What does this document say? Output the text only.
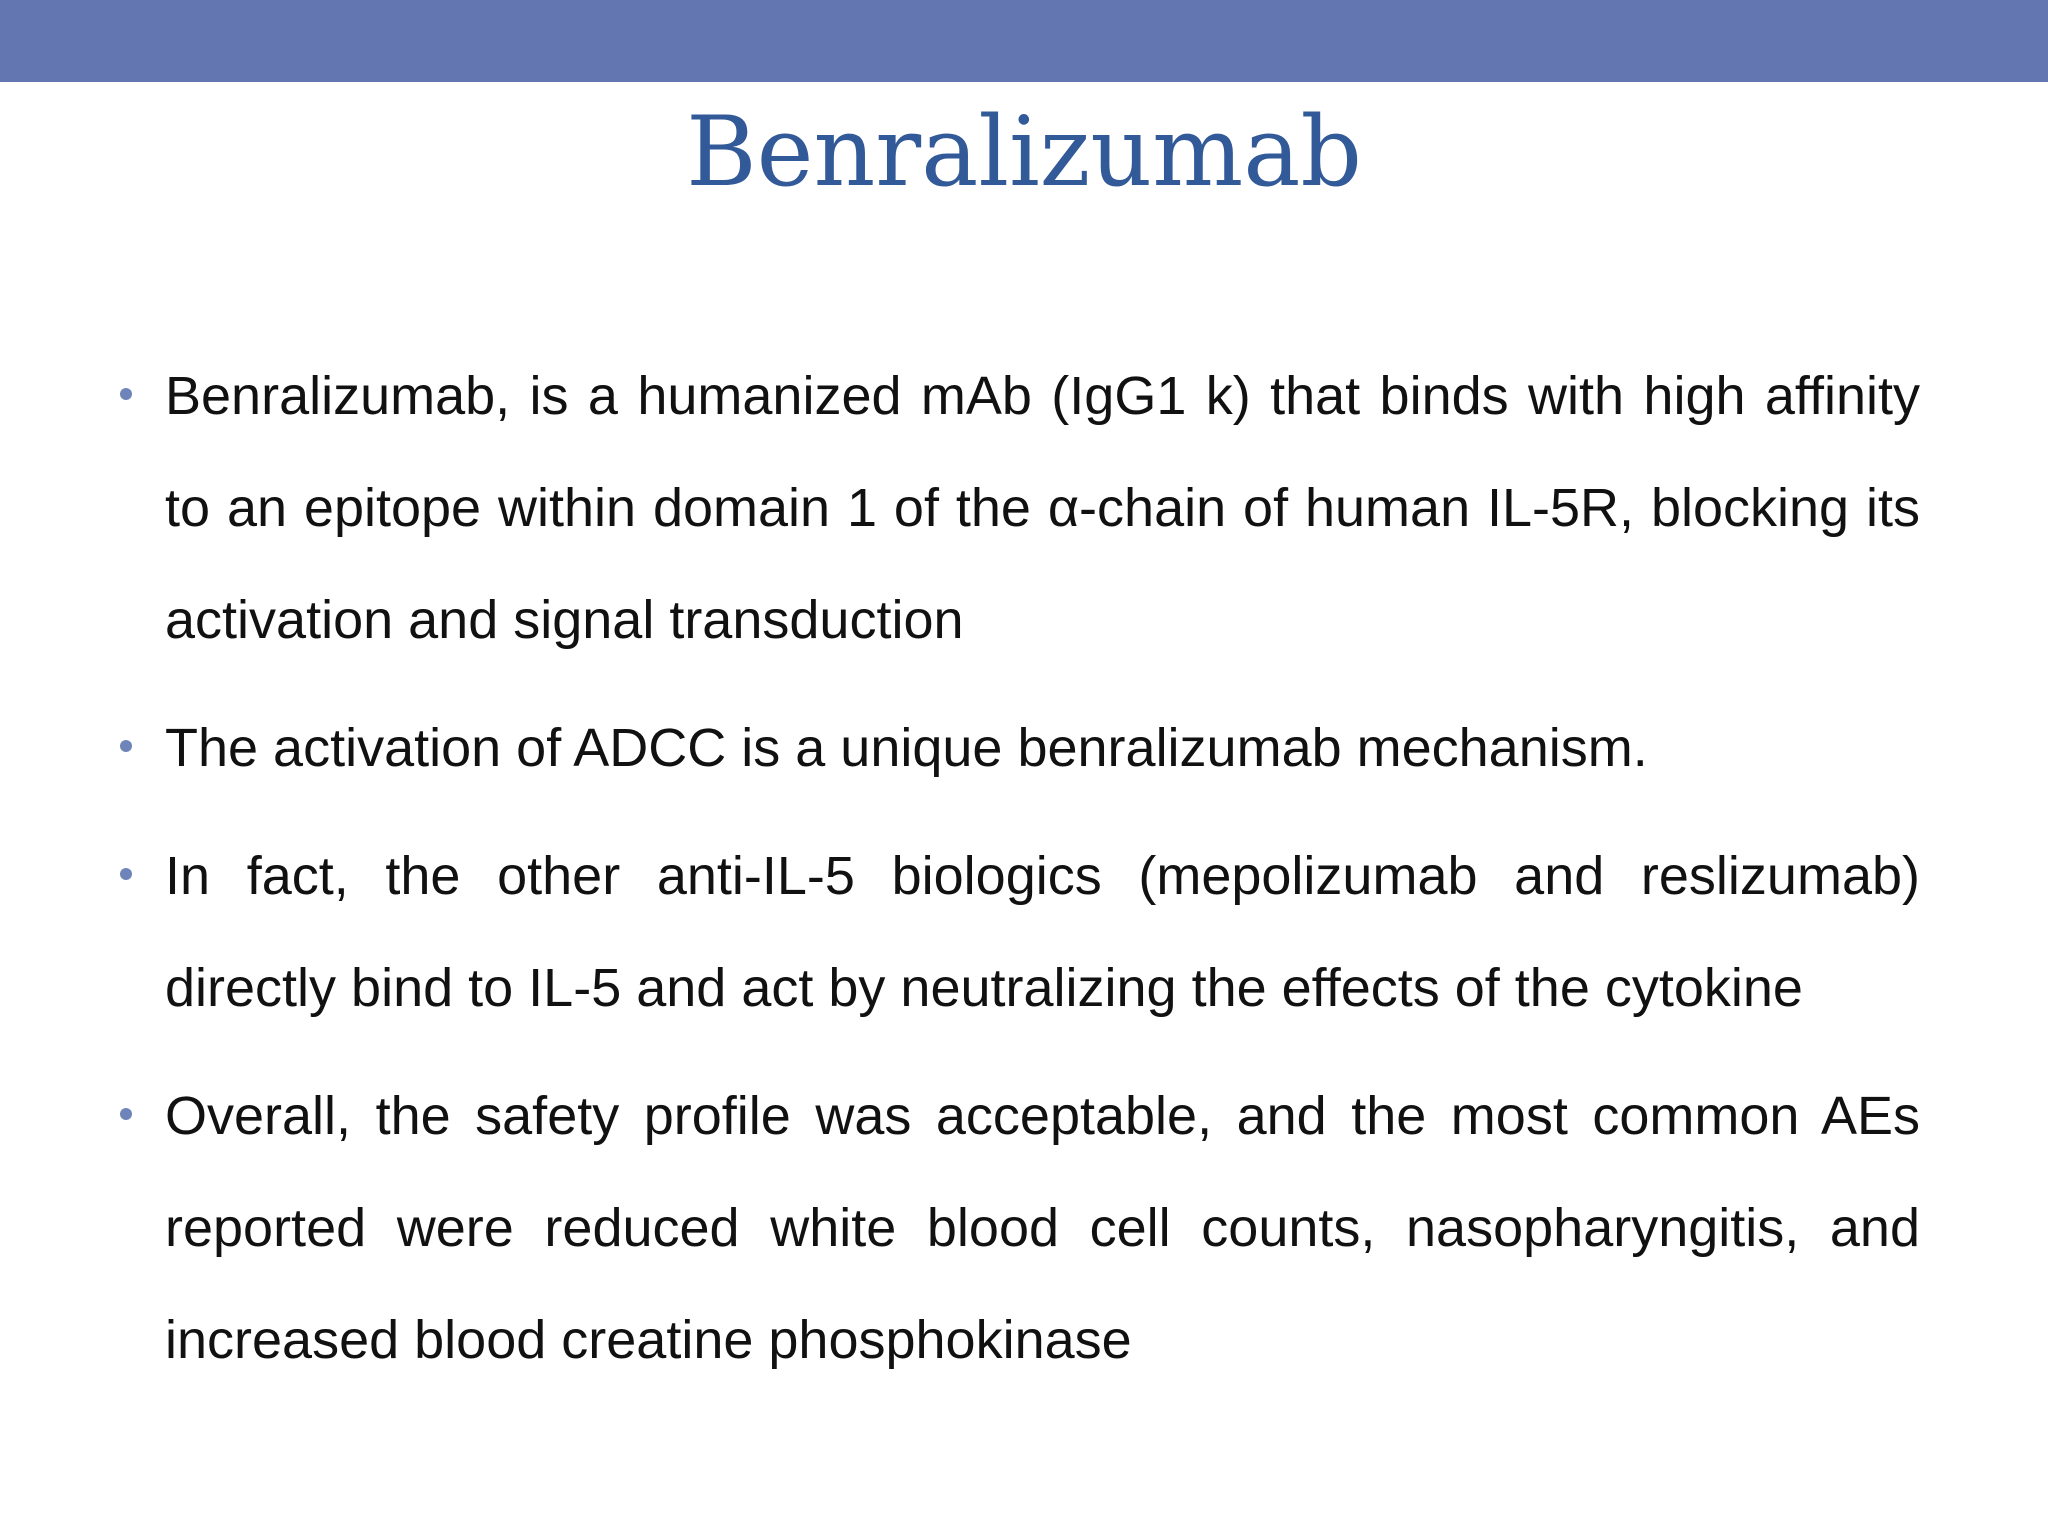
Benralizumab
Benralizumab, is a humanized mAb (IgG1 k) that binds with high affinity to an epitope within domain 1 of the α-chain of human IL-5R, blocking its activation and signal transduction
The activation of ADCC is a unique benralizumab mechanism.
In fact, the other anti-IL-5 biologics (mepolizumab and reslizumab) directly bind to IL-5 and act by neutralizing the effects of the cytokine
Overall, the safety profile was acceptable, and the most common AEs reported were reduced white blood cell counts, nasopharyngitis, and increased blood creatine phosphokinase
